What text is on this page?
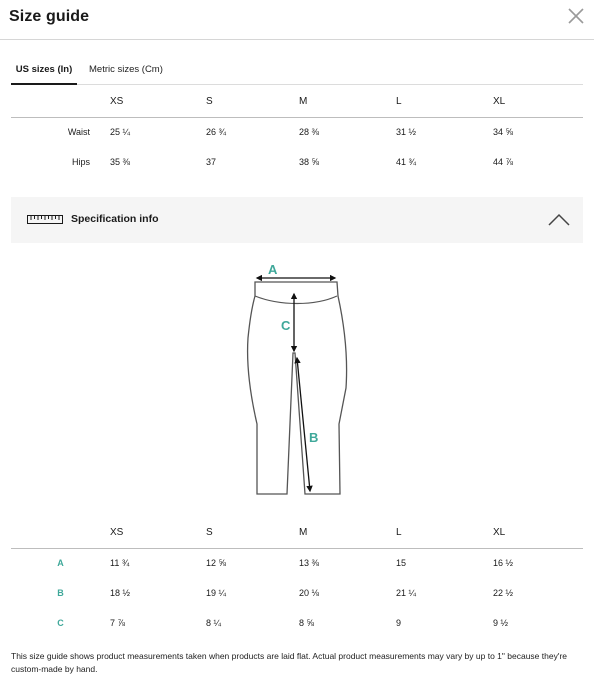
Size guide
US sizes (In)	Metric sizes (Cm)
	XS	S	M	L	XL
Waist	25 ¼	26 ¾	28 ⅜	31 ½	34 ⅝
Hips	35 ⅜	37	38 ⅝	41 ¾	44 ⅞
Specification info
A
C
B
	XS	S	M	L	XL
A	11 ¾	12 ⅝	13 ⅜	15	16 ½
B	18 ½	19 ¼	20 ⅛	21 ¼	22 ½
C	7 ⅞	8 ¼	8 ⅝	9	9 ½
This size guide shows product measurements taken when products are laid flat. Actual product measurements may vary by up to 1" because they're custom-made by hand.
